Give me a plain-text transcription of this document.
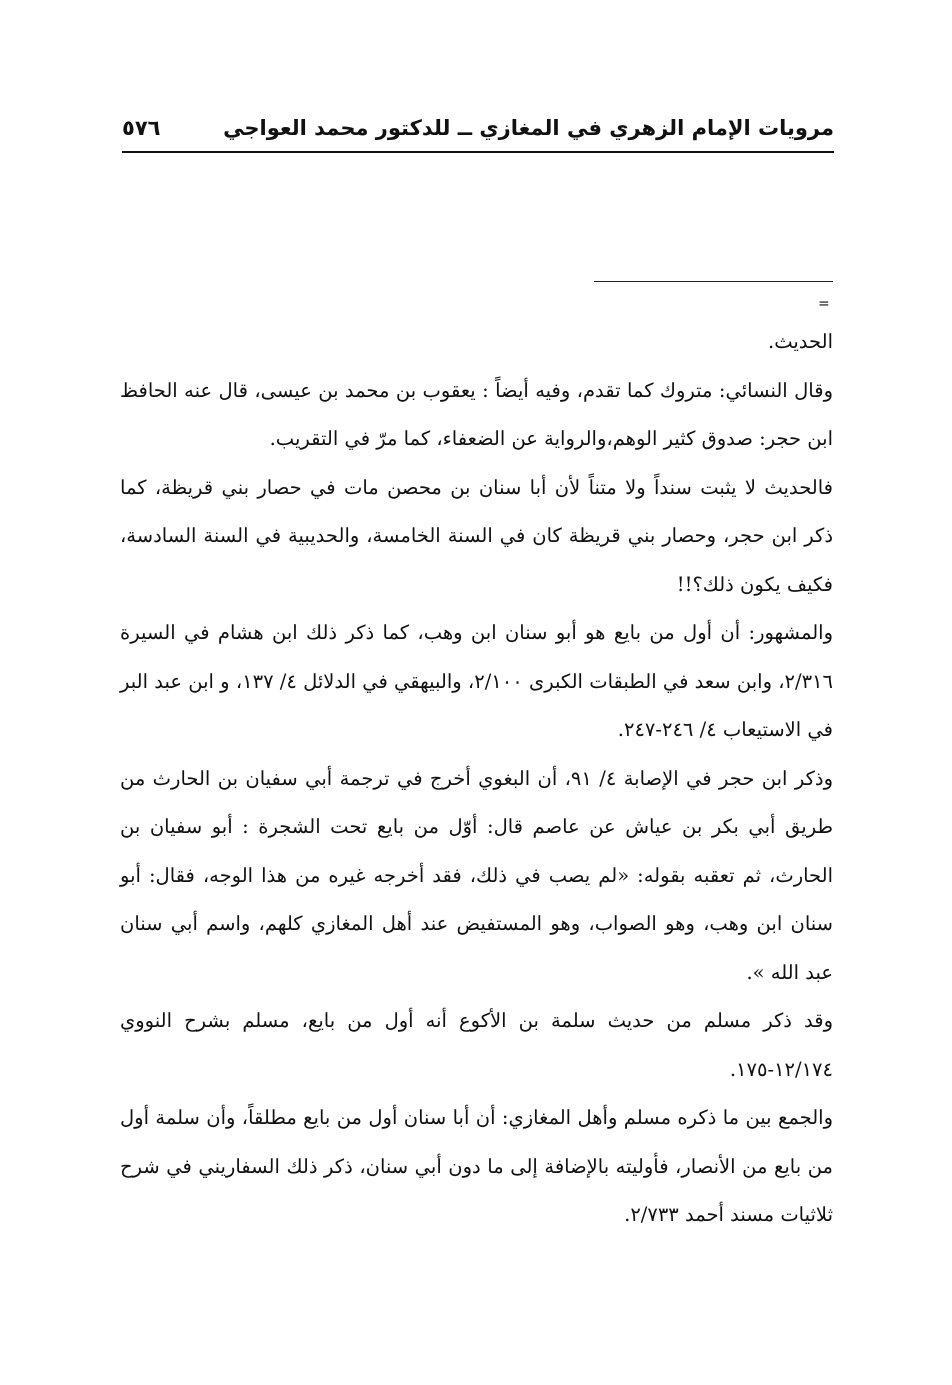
مرويات الإمام الزهري في المغازي ــ للدكتور محمد العواجي
٥٧٦
=

الحديث.

وقال النسائي: متروك كما تقدم، وفيه أيضاً : يعقوب بن محمد بن عيسى، قال عنه الحافظ ابن حجر: صدوق كثير الوهم،والرواية عن الضعفاء، كما مرّ في التقريب.

فالحديث لا يثبت سنداً ولا متناً لأن أبا سنان بن محصن مات في حصار بني قريظة، كما ذكر ابن حجر، وحصار بني قريظة كان في السنة الخامسة، والحديبية في السنة السادسة، فكيف يكون ذلك؟!!

والمشهور: أن أول من بايع هو أبو سنان ابن وهب، كما ذكر ذلك ابن هشام في السيرة ٢/٣١٦، وابن سعد في الطبقات الكبرى ٢/١٠٠، والبيهقي في الدلائل ٤/ ١٣٧، و ابن عبد البر في الاستيعاب ٤/ ٢٤٦-٢٤٧.

وذكر ابن حجر في الإصابة ٤/ ٩١، أن البغوي أخرج في ترجمة أبي سفيان بن الحارث من طريق أبي بكر بن عياش عن عاصم قال: أوّل من بايع تحت الشجرة : أبو سفيان بن الحارث، ثم تعقبه بقوله: «لم يصب في ذلك، فقد أخرجه غيره من هذا الوجه، فقال: أبو سنان ابن وهب، وهو الصواب، وهو المستفيض عند أهل المغازي كلهم، واسم أبي سنان عبد الله ».

وقد ذكر مسلم من حديث سلمة بن الأكوع أنه أول من بايع، مسلم بشرح النووي ١٢/١٧٤-١٧٥.

والجمع بين ما ذكره مسلم وأهل المغازي: أن أبا سنان أول من بايع مطلقاً، وأن سلمة أول من بايع من الأنصار، فأوليته بالإضافة إلى ما دون أبي سنان، ذكر ذلك السفاريني في شرح ثلاثيات مسند أحمد ٢/٧٣٣.
